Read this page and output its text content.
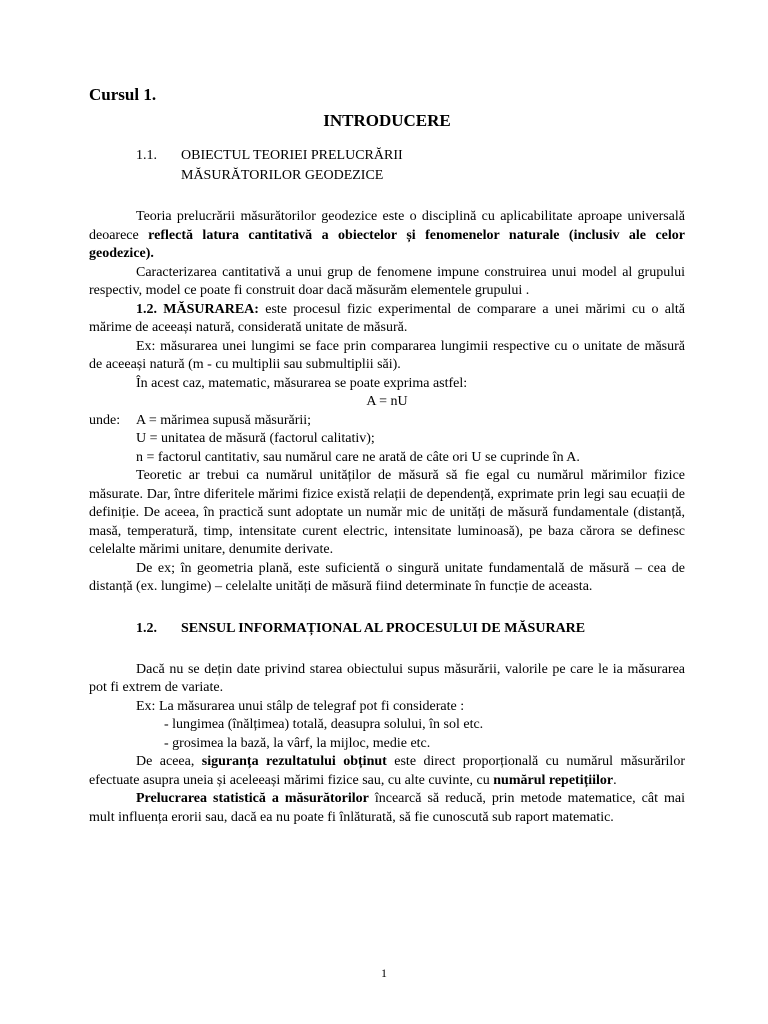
Cursul 1.
INTRODUCERE
1.1.	OBIECTUL TEORIEI PRELUCRĂRII
MĂSURĂTORILOR GEODEZICE

Teoria prelucrării măsurătorilor geodezice este o disciplină cu aplicabilitate aproape universală deoarece reflectă latura cantitativă a obiectelor și fenomenelor naturale (inclusiv ale celor geodezice).

Caracterizarea cantitativă a unui grup de fenomene impune construirea unui model al grupului respectiv, model ce poate fi construit doar dacă măsurăm elementele grupului .

1.2. MĂSURAREA: este procesul fizic experimental de comparare a unei mărimi cu o altă mărime de aceeași natură, considerată unitate de măsură.

Ex: măsurarea unei lungimi se face prin compararea lungimii respective cu o unitate de măsură de aceeași natură (m - cu multiplii sau submultiplii săi).

În acest caz, matematic, măsurarea se poate exprima astfel:

A = nU

unde:	A = mărimea supusă măsurării;

U = unitatea de măsură (factorul calitativ);

n = factorul cantitativ, sau numărul care ne arată de câte ori U se cuprinde în A.

Teoretic ar trebui ca numărul unităților de măsură să fie egal cu numărul mărimilor fizice măsurate. Dar, între diferitele mărimi fizice există relații de dependență, exprimate prin legi sau ecuații de definiție. De aceea, în practică sunt adoptate un număr mic de unități de măsură fundamentale (distanță, masă, temperatură, timp, intensitate curent electric, intensitate luminoasă), pe baza cărora se definesc celelalte mărimi unitare, denumite derivate.

De ex; în geometria plană, este suficientă o singură unitate fundamentală de măsură – cea de distanță (ex. lungime) – celelalte unități de măsură fiind determinate în funcție de aceasta.

1.2.	SENSUL INFORMAȚIONAL AL PROCESULUI DE MĂSURARE

Dacă nu se dețin date privind starea obiectului supus măsurării, valorile pe care le ia măsurarea pot fi extrem de variate.

Ex: La măsurarea unui stâlp de telegraf pot fi considerate :

- lungimea (înălțimea) totală, deasupra solului, în sol etc.

- grosimea la bază, la vârf, la mijloc, medie etc.

De aceea, siguranța rezultatului obținut este direct proporțională cu numărul măsurărilor efectuate asupra uneia și aceleeași mărimi fizice sau, cu alte cuvinte, cu numărul repetițiilor.

Prelucrarea statistică a măsurătorilor încearcă să reducă, prin metode matematice, cât mai mult influența erorii sau, dacă ea nu poate fi înlăturată, să fie cunoscută sub raport matematic.

1
